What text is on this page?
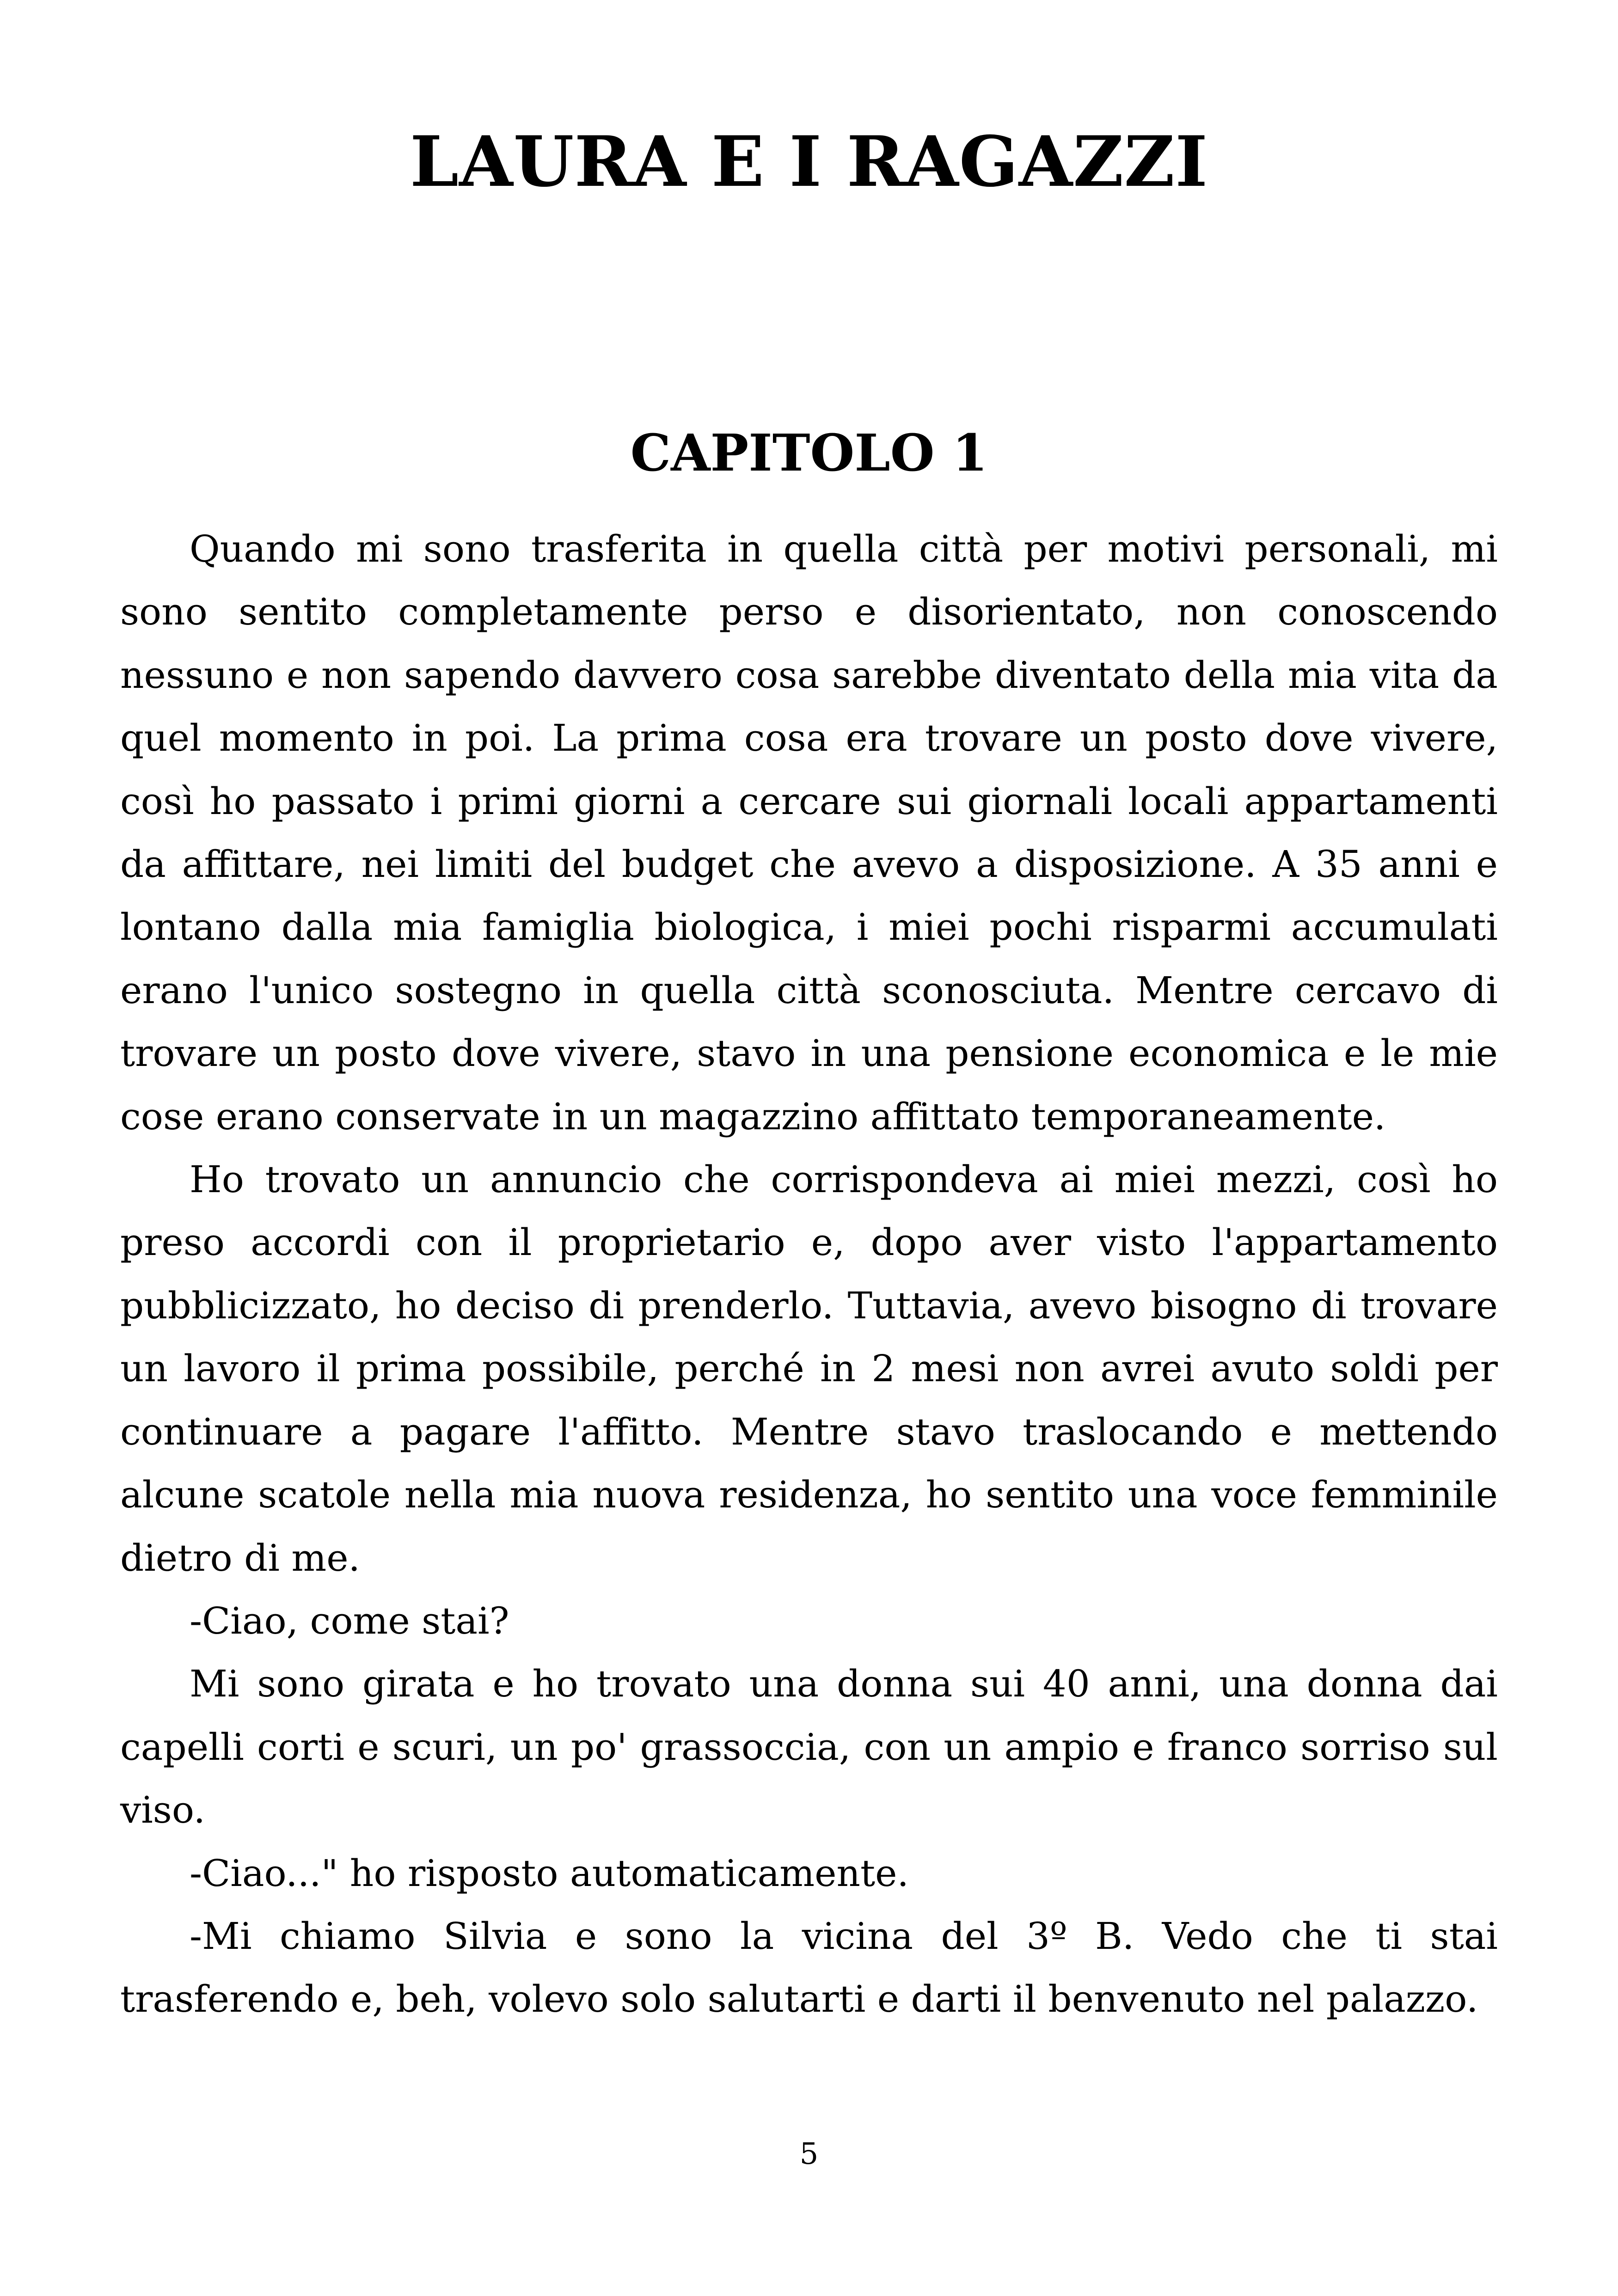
LAURA E I RAGAZZI
CAPITOLO 1

Quando mi sono trasferita in quella città per motivi personali, mi sono sentito completamente perso e disorientato, non conoscendo nessuno e non sapendo davvero cosa sarebbe diventato della mia vita da quel momento in poi. La prima cosa era trovare un posto dove vivere, così ho passato i primi giorni a cercare sui giornali locali appartamenti da affittare, nei limiti del budget che avevo a disposizione. A 35 anni e lontano dalla mia famiglia biologica, i miei pochi risparmi accumulati erano l'unico sostegno in quella città sconosciuta. Mentre cercavo di trovare un posto dove vivere, stavo in una pensione economica e le mie cose erano conservate in un magazzino affittato temporaneamente.

Ho trovato un annuncio che corrispondeva ai miei mezzi, così ho preso accordi con il proprietario e, dopo aver visto l'appartamento pubblicizzato, ho deciso di prenderlo. Tuttavia, avevo bisogno di trovare un lavoro il prima possibile, perché in 2 mesi non avrei avuto soldi per continuare a pagare l'affitto. Mentre stavo traslocando e mettendo alcune scatole nella mia nuova residenza, ho sentito una voce femminile dietro di me.

-Ciao, come stai?

Mi sono girata e ho trovato una donna sui 40 anni, una donna dai capelli corti e scuri, un po' grassoccia, con un ampio e franco sorriso sul viso.

-Ciao..." ho risposto automaticamente.

-Mi chiamo Silvia e sono la vicina del 3º B. Vedo che ti stai trasferendo e, beh, volevo solo salutarti e darti il benvenuto nel palazzo.

5
